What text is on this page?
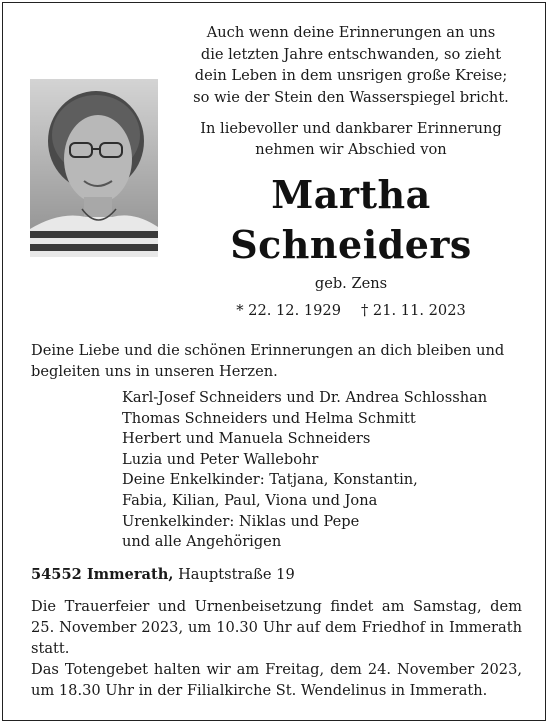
Auch wenn deine Erinnerungen an uns
die letzten Jahre entschwanden, so zieht
dein Leben in dem unsrigen große Kreise;
so wie der Stein den Wasserspiegel bricht.
In liebevoller und dankbarer Erinnerung
nehmen wir Abschied von
Martha
Schneiders
geb. Zens
* 22. 12. 1929 † 21. 11. 2023
Deine Liebe und die schönen Erinnerungen an dich bleiben und begleiten uns in unseren Herzen.
Karl-Josef Schneiders und Dr. Andrea Schlosshan
Thomas Schneiders und Helma Schmitt
Herbert und Manuela Schneiders
Luzia und Peter Wallebohr
Deine Enkelkinder: Tatjana, Konstantin,
Fabia, Kilian, Paul, Viona und Jona
Urenkelkinder: Niklas und Pepe
und alle Angehörigen
54552 Immerath, Hauptstraße 19
Die Trauerfeier und Urnenbeisetzung findet am Samstag, dem 25. November 2023, um 10.30 Uhr auf dem Friedhof in Immerath statt.
Das Totengebet halten wir am Freitag, dem 24. November 2023, um 18.30 Uhr in der Filialkirche St. Wendelinus in Immerath.
